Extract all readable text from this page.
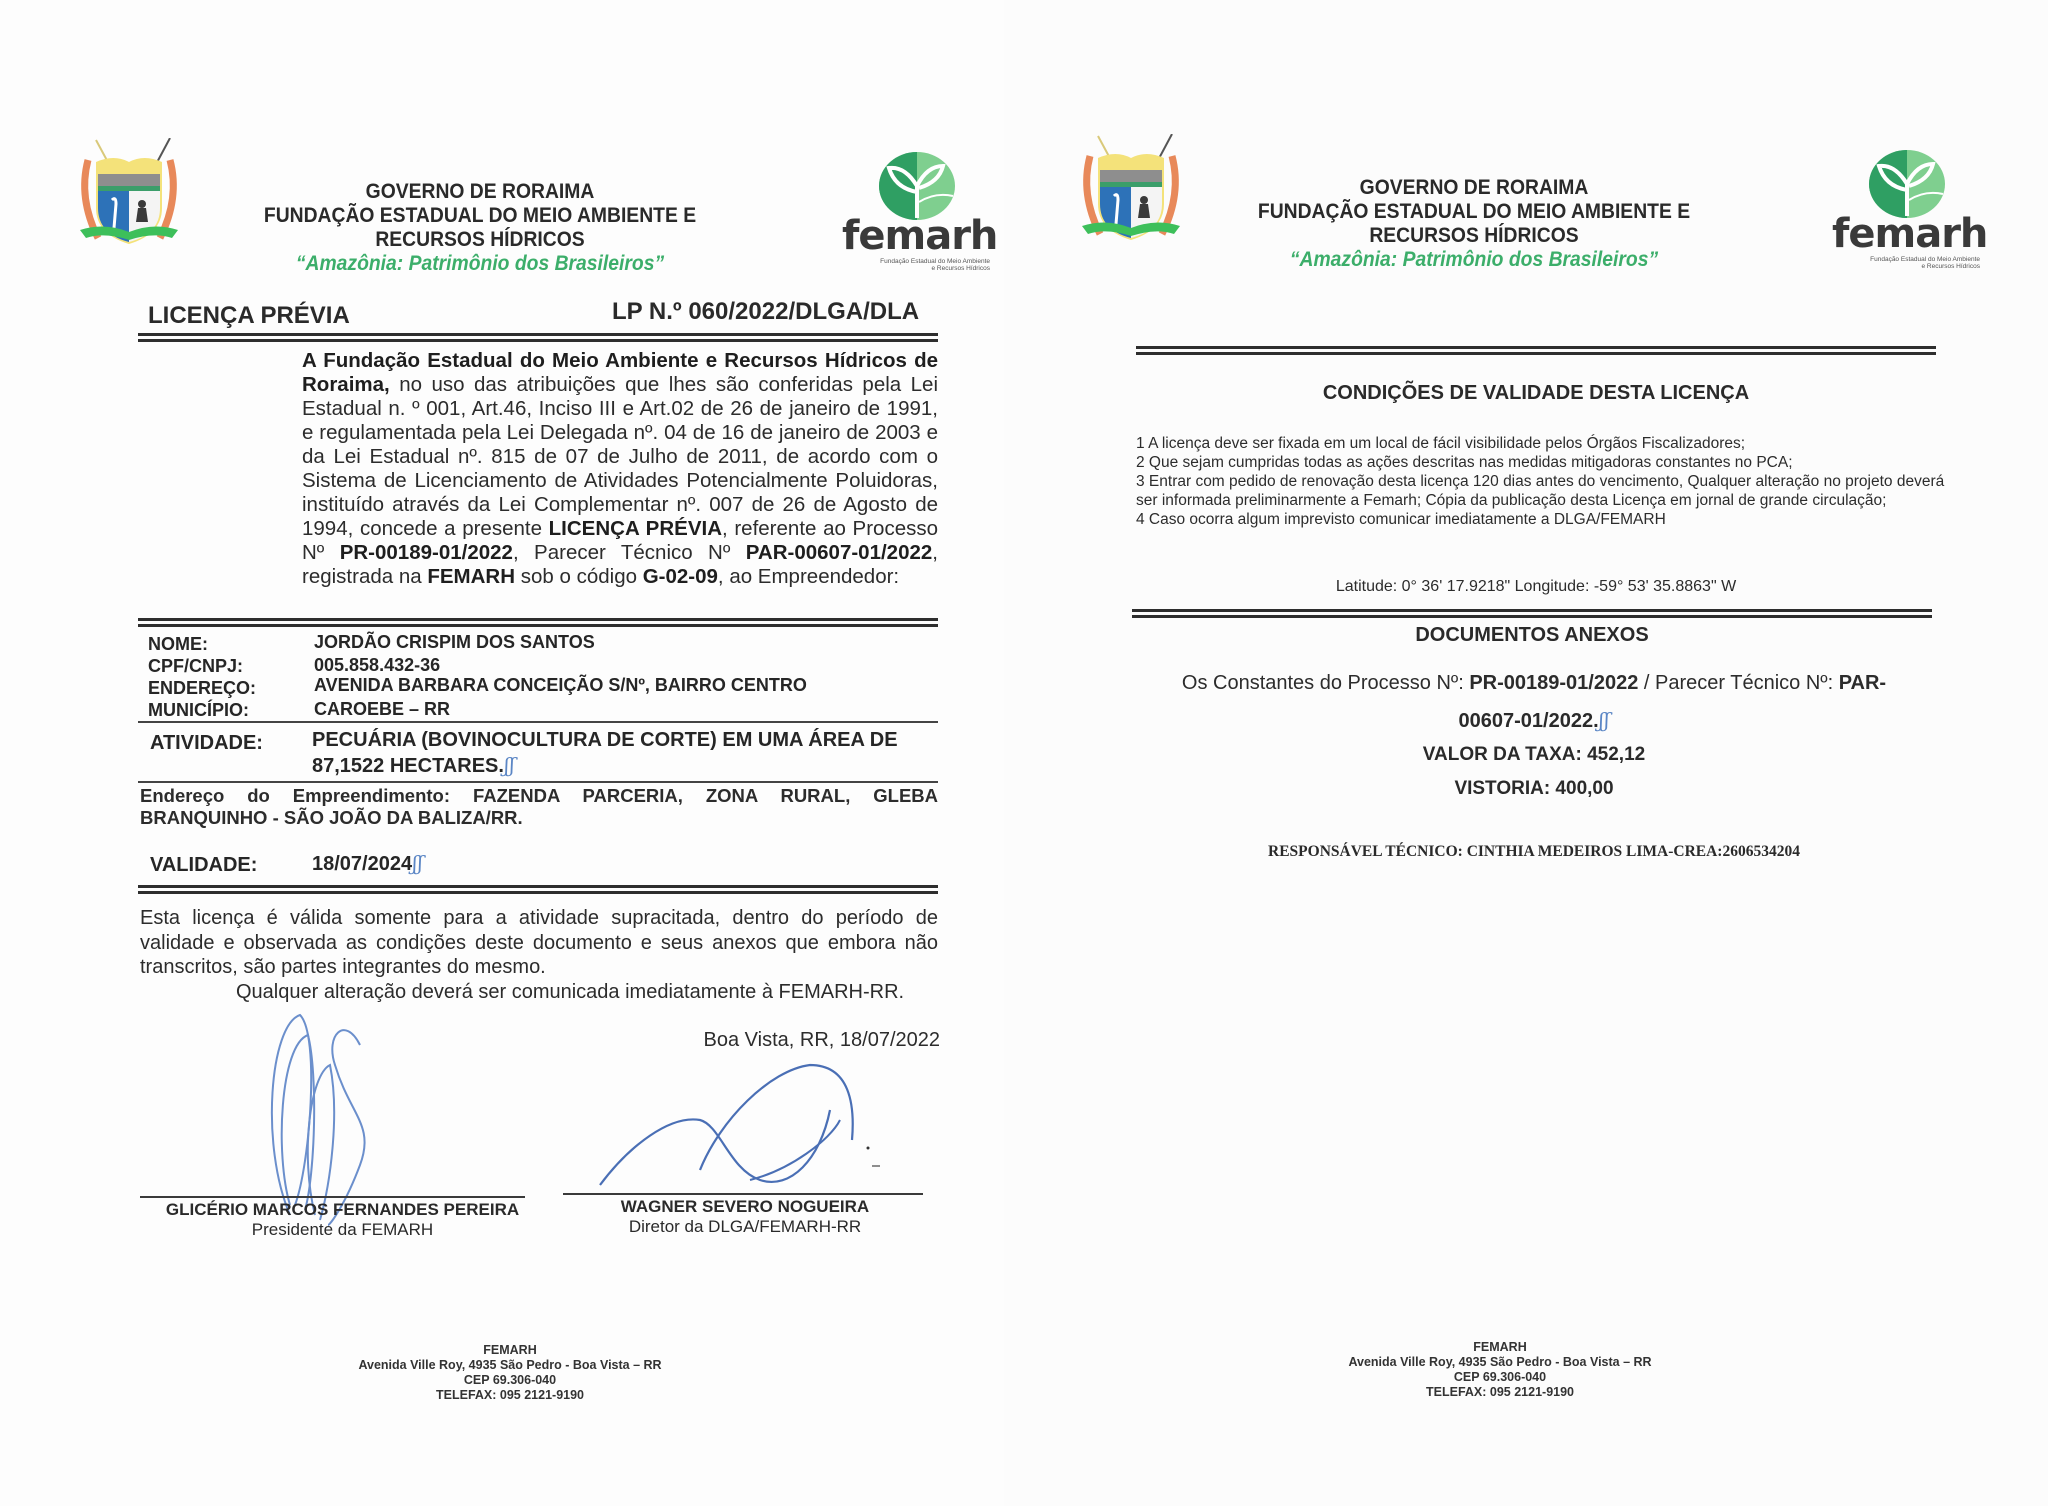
GOVERNO DE RORAIMA
FUNDAÇÃO ESTADUAL DO MEIO AMBIENTE E
RECURSOS HÍDRICOS
“Amazônia: Patrimônio dos Brasileiros”
femarh
Fundação Estadual do Meio Ambiente
e Recursos Hídricos
LICENÇA PRÉVIA	LP N.º 060/2022/DLGA/DLA
A Fundação Estadual do Meio Ambiente e Recursos Hídricos de Roraima, no uso das atribuições que lhes são conferidas pela Lei Estadual n. º 001, Art.46, Inciso III e Art.02 de 26 de janeiro de 1991, e regulamentada pela Lei Delegada nº. 04 de 16 de janeiro de 2003 e da Lei Estadual nº. 815 de 07 de Julho de 2011, de acordo com o Sistema de Licenciamento de Atividades Potencialmente Poluidoras, instituído através da Lei Complementar nº. 007 de 26 de Agosto de 1994, concede a presente LICENÇA PRÉVIA, referente ao Processo Nº PR-00189-01/2022, Parecer Técnico Nº PAR-00607-01/2022, registrada na FEMARH sob o código G-02-09, ao Empreendedor:
NOME:	JORDÃO CRISPIM DOS SANTOS
CPF/CNPJ:	005.858.432-36
ENDEREÇO:	AVENIDA BARBARA CONCEIÇÃO S/Nº, BAIRRO CENTRO
MUNICÍPIO:	CAROEBE – RR
ATIVIDADE: PECUÁRIA (BOVINOCULTURA DE CORTE) EM UMA ÁREA DE
87,1522 HECTARES.ʃʃ
Endereço do Empreendimento: FAZENDA PARCERIA, ZONA RURAL, GLEBA BRANQUINHO - SÃO JOÃO DA BALIZA/RR.
VALIDADE:	18/07/2024ʃʃ
Esta licença é válida somente para a atividade supracitada, dentro do período de validade e observada as condições deste documento e seus anexos que embora não transcritos, são partes integrantes do mesmo.
Qualquer alteração deverá ser comunicada imediatamente à FEMARH-RR.
Boa Vista, RR, 18/07/2022
GLICÉRIO MARCOS FERNANDES PEREIRA
Presidente da FEMARH
WAGNER SEVERO NOGUEIRA
Diretor da DLGA/FEMARH-RR
FEMARH
Avenida Ville Roy, 4935 São Pedro - Boa Vista – RR
CEP 69.306-040
TELEFAX: 095 2121-9190
GOVERNO DE RORAIMA
FUNDAÇÃO ESTADUAL DO MEIO AMBIENTE E
RECURSOS HÍDRICOS
“Amazônia: Patrimônio dos Brasileiros”
femarh
Fundação Estadual do Meio Ambiente
e Recursos Hídricos
CONDIÇÕES DE VALIDADE DESTA LICENÇA
1 A licença deve ser fixada em um local de fácil visibilidade pelos Órgãos Fiscalizadores;
2 Que sejam cumpridas todas as ações descritas nas medidas mitigadoras constantes no PCA;
3 Entrar com pedido de renovação desta licença 120 dias antes do vencimento, Qualquer alteração no projeto deverá ser informada preliminarmente a Femarh; Cópia da publicação desta Licença em jornal de grande circulação;
4 Caso ocorra algum imprevisto comunicar imediatamente a DLGA/FEMARH
Latitude: 0° 36' 17.9218" Longitude: -59° 53' 35.8863" W
DOCUMENTOS ANEXOS
Os Constantes do Processo Nº: PR-00189-01/2022 / Parecer Técnico Nº: PAR-
00607-01/2022.ʃʃ
VALOR DA TAXA: 452,12
VISTORIA: 400,00
RESPONSÁVEL TÉCNICO: CINTHIA MEDEIROS LIMA-CREA:2606534204
FEMARH
Avenida Ville Roy, 4935 São Pedro - Boa Vista – RR
CEP 69.306-040
TELEFAX: 095 2121-9190
